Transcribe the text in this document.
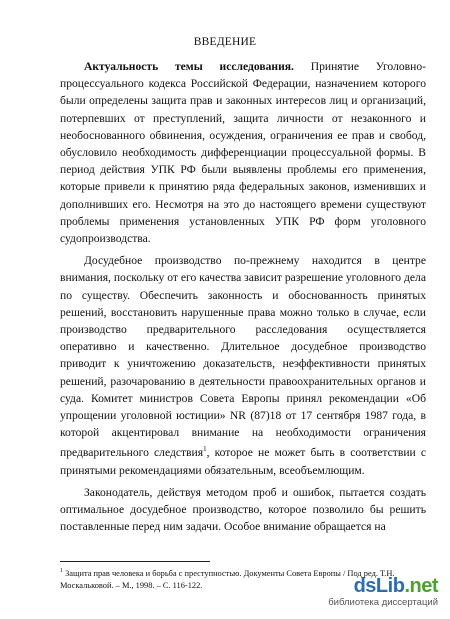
ВВЕДЕНИЕ

Актуальность темы исследования. Принятие Уголовно-процессуального кодекса Российской Федерации, назначением которого были определены защита прав и законных интересов лиц и организаций, потерпевших от преступлений, защита личности от незаконного и необоснованного обвинения, осуждения, ограничения ее прав и свобод, обусловило необходимость дифференциации процессуальной формы. В период действия УПК РФ были выявлены проблемы его применения, которые привели к принятию ряда федеральных законов, изменивших и дополнивших его. Несмотря на это до настоящего времени существуют проблемы применения установленных УПК РФ форм уголовного судопроизводства.

Досудебное производство по-прежнему находится в центре внимания, поскольку от его качества зависит разрешение уголовного дела по существу. Обеспечить законность и обоснованность принятых решений, восстановить нарушенные права можно только в случае, если производство предварительного расследования осуществляется оперативно и качественно. Длительное досудебное производство приводит к уничтожению доказательств, неэффективности принятых решений, разочарованию в деятельности правоохранительных органов и суда. Комитет министров Совета Европы принял рекомендации «Об упрощении уголовной юстиции» NR (87)18 от 17 сентября 1987 года, в которой акцентировал внимание на необходимости ограничения предварительного следствия$^1$, которое не может быть в соответствии с принятыми рекомендациями обязательным, всеобъемлющим.

Законодатель, действуя методом проб и ошибок, пытается создать оптимальное досудебное производство, которое позволило бы решить поставленные перед ним задачи. Особое внимание обращается на

$^1$ Защита прав человека и борьба с преступностью. Документы Совета Европы / Под ред. Т.Н. Москальковой. – М., 1998. – С. 116-122.	dsLib.net
библиотека диссертаций
